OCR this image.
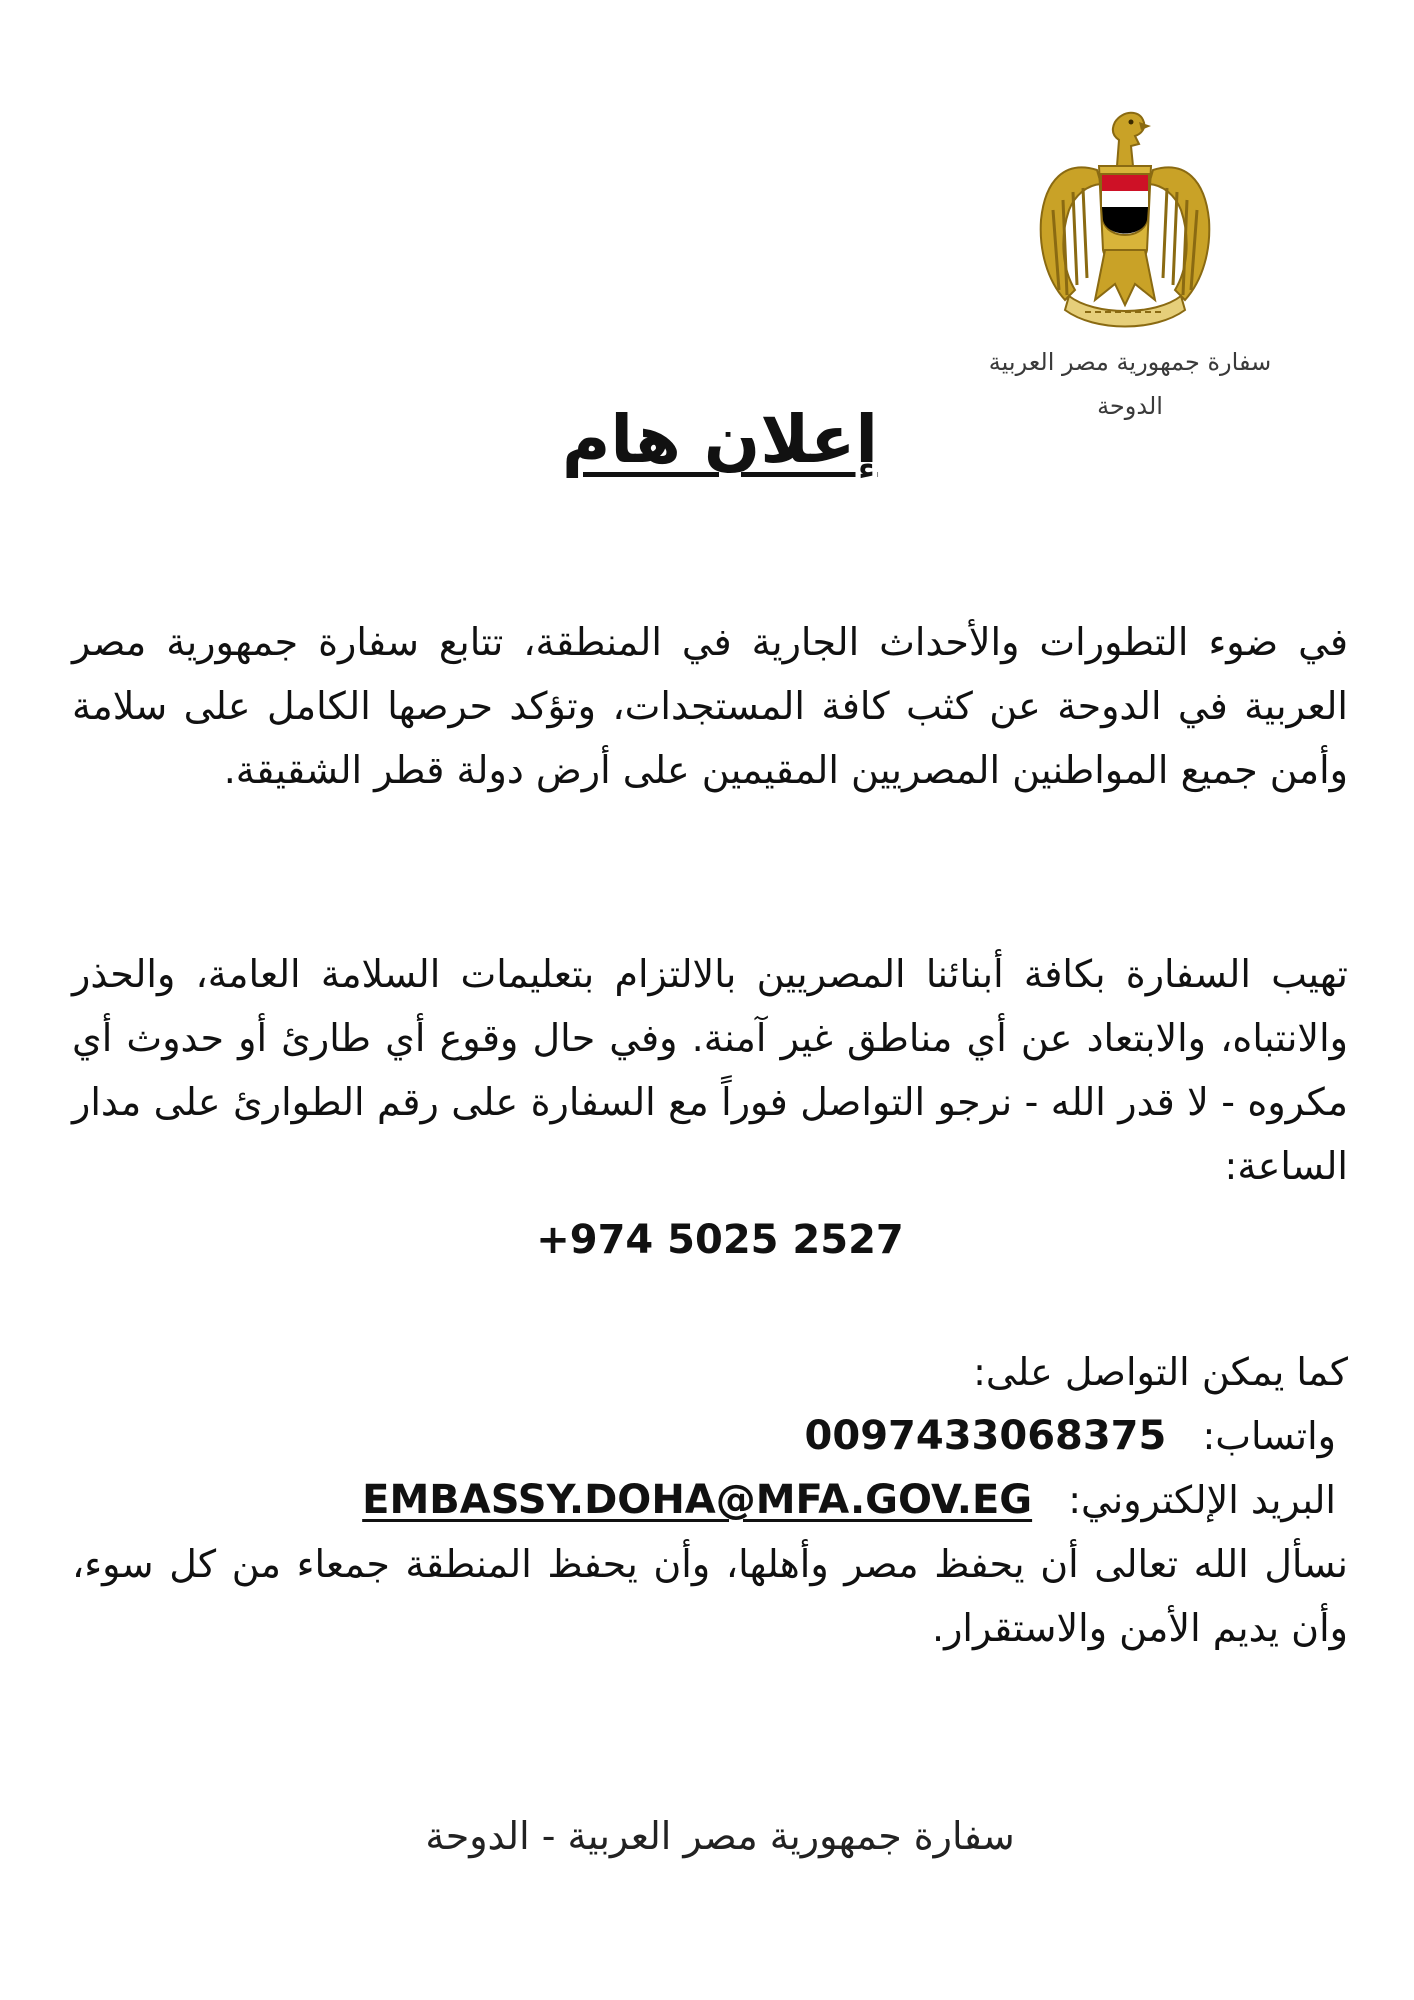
سفارة جمهورية مصر العربية
الدوحة
إعلان هام
في ضوء التطورات والأحداث الجارية في المنطقة، تتابع سفارة جمهورية مصر العربية في الدوحة عن كثب كافة المستجدات، وتؤكد حرصها الكامل على سلامة وأمن جميع المواطنين المصريين المقيمين على أرض دولة قطر الشقيقة.
تهيب السفارة بكافة أبنائنا المصريين بالالتزام بتعليمات السلامة العامة، والحذر والانتباه، والابتعاد عن أي مناطق غير آمنة. وفي حال وقوع أي طارئ أو حدوث أي مكروه - لا قدر الله - نرجو التواصل فوراً مع السفارة على رقم الطوارئ على مدار الساعة:
+974 5025 2527
كما يمكن التواصل على:
واتساب: 0097433068375
البريد الإلكتروني: EMBASSY.DOHA@MFA.GOV.EG
نسأل الله تعالى أن يحفظ مصر وأهلها، وأن يحفظ المنطقة جمعاء من كل سوء، وأن يديم الأمن والاستقرار.
سفارة جمهورية مصر العربية - الدوحة
